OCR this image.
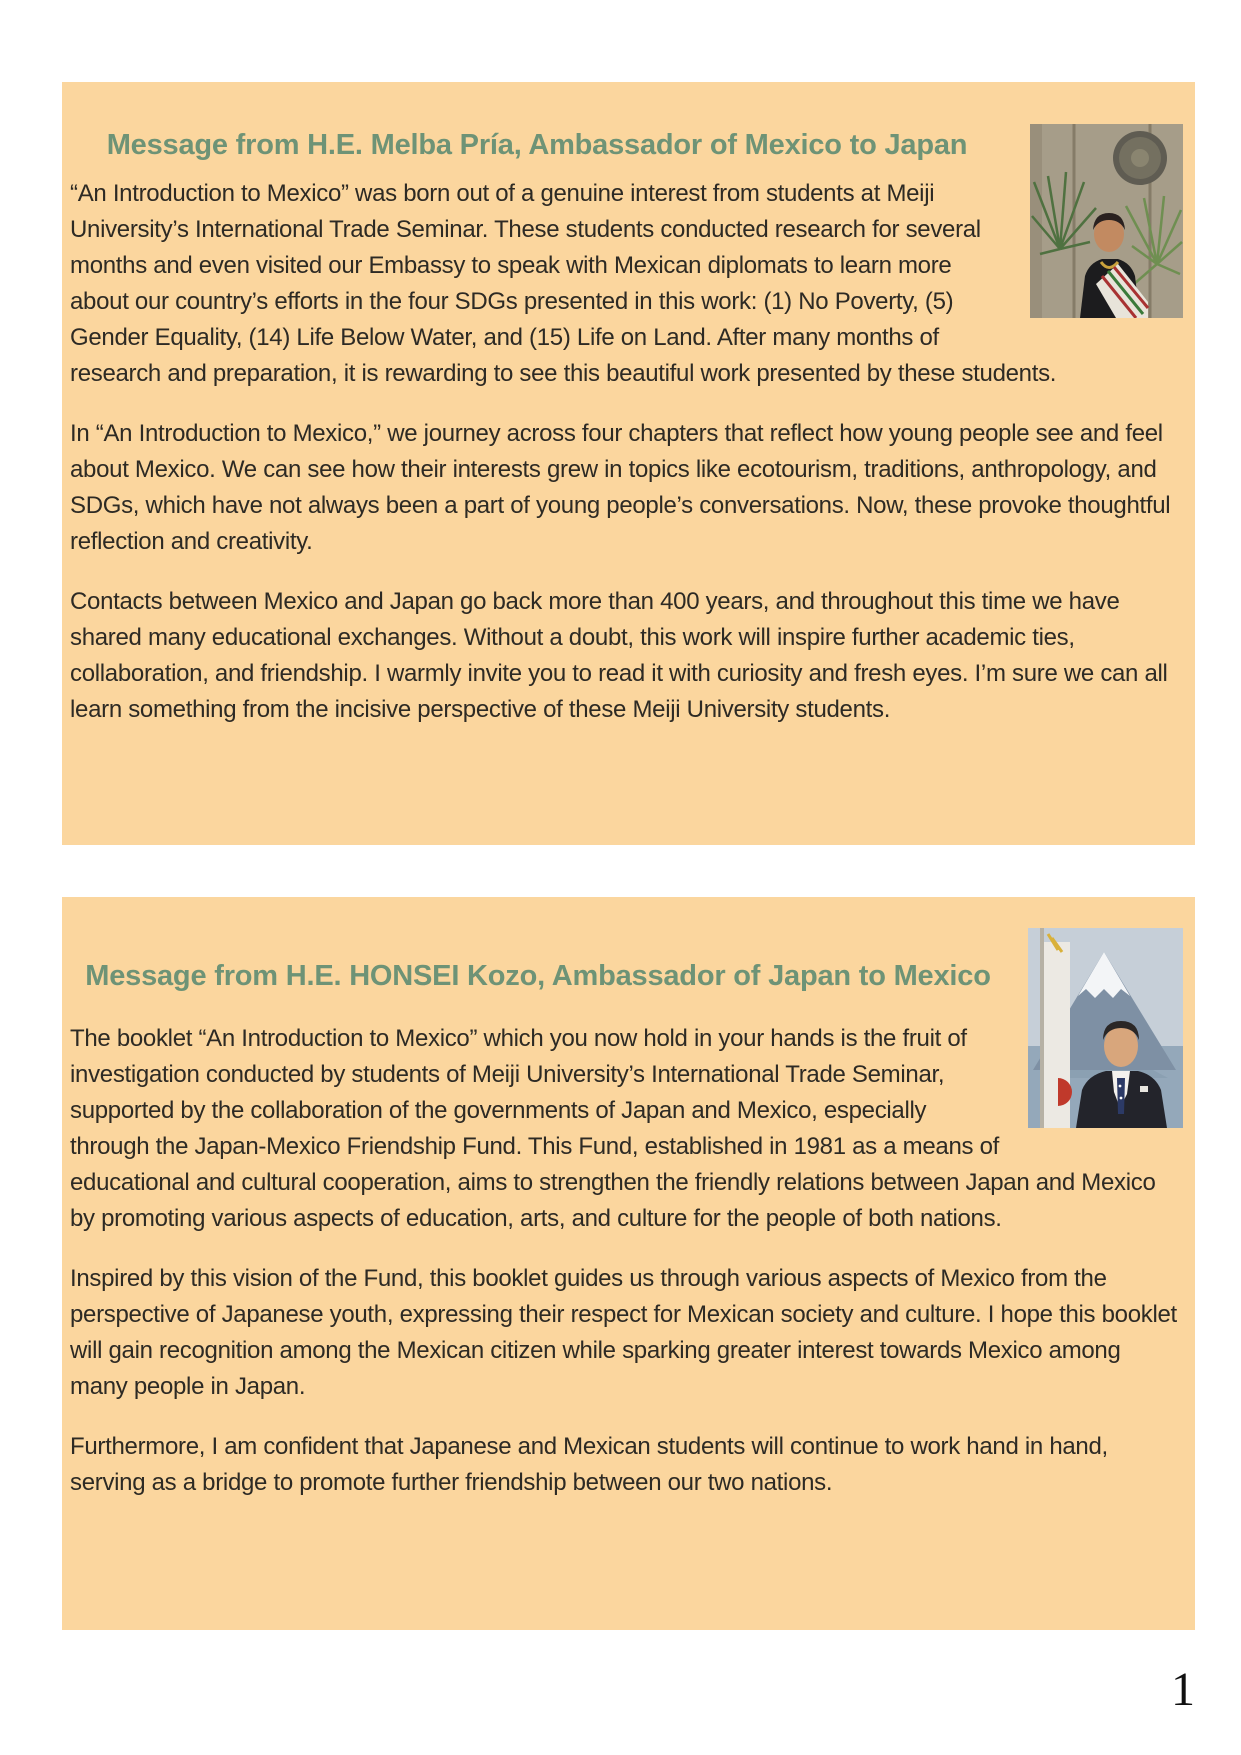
Message from H.E. Melba Pría, Ambassador of Mexico to Japan

“An Introduction to Mexico” was born out of a genuine interest from students at Meiji University’s International Trade Seminar. These students conducted research for several months and even visited our Embassy to speak with Mexican diplomats to learn more about our country’s efforts in the four SDGs presented in this work: (1) No Poverty, (5) Gender Equality, (14) Life Below Water, and (15) Life on Land. After many months of research and preparation, it is rewarding to see this beautiful work presented by these students.

In “An Introduction to Mexico,” we journey across four chapters that reflect how young people see and feel about Mexico. We can see how their interests grew in topics like ecotourism, traditions, anthropology, and SDGs, which have not always been a part of young people’s conversations. Now, these provoke thoughtful reflection and creativity.

Contacts between Mexico and Japan go back more than 400 years, and throughout this time we have shared many educational exchanges. Without a doubt, this work will inspire further academic ties, collaboration, and friendship. I warmly invite you to read it with curiosity and fresh eyes. I’m sure we can all learn something from the incisive perspective of these Meiji University students.

Message from H.E. HONSEI Kozo, Ambassador of Japan to Mexico

The booklet “An Introduction to Mexico” which you now hold in your hands is the fruit of investigation conducted by students of Meiji University’s International Trade Seminar, supported by the collaboration of the governments of Japan and Mexico, especially through the Japan-Mexico Friendship Fund. This Fund, established in 1981 as a means of educational and cultural cooperation, aims to strengthen the friendly relations between Japan and Mexico by promoting various aspects of education, arts, and culture for the people of both nations.

Inspired by this vision of the Fund, this booklet guides us through various aspects of Mexico from the perspective of Japanese youth, expressing their respect for Mexican society and culture. I hope this booklet will gain recognition among the Mexican citizen while sparking greater interest towards Mexico among many people in Japan.

Furthermore, I am confident that Japanese and Mexican students will continue to work hand in hand, serving as a bridge to promote further friendship between our two nations.

1
